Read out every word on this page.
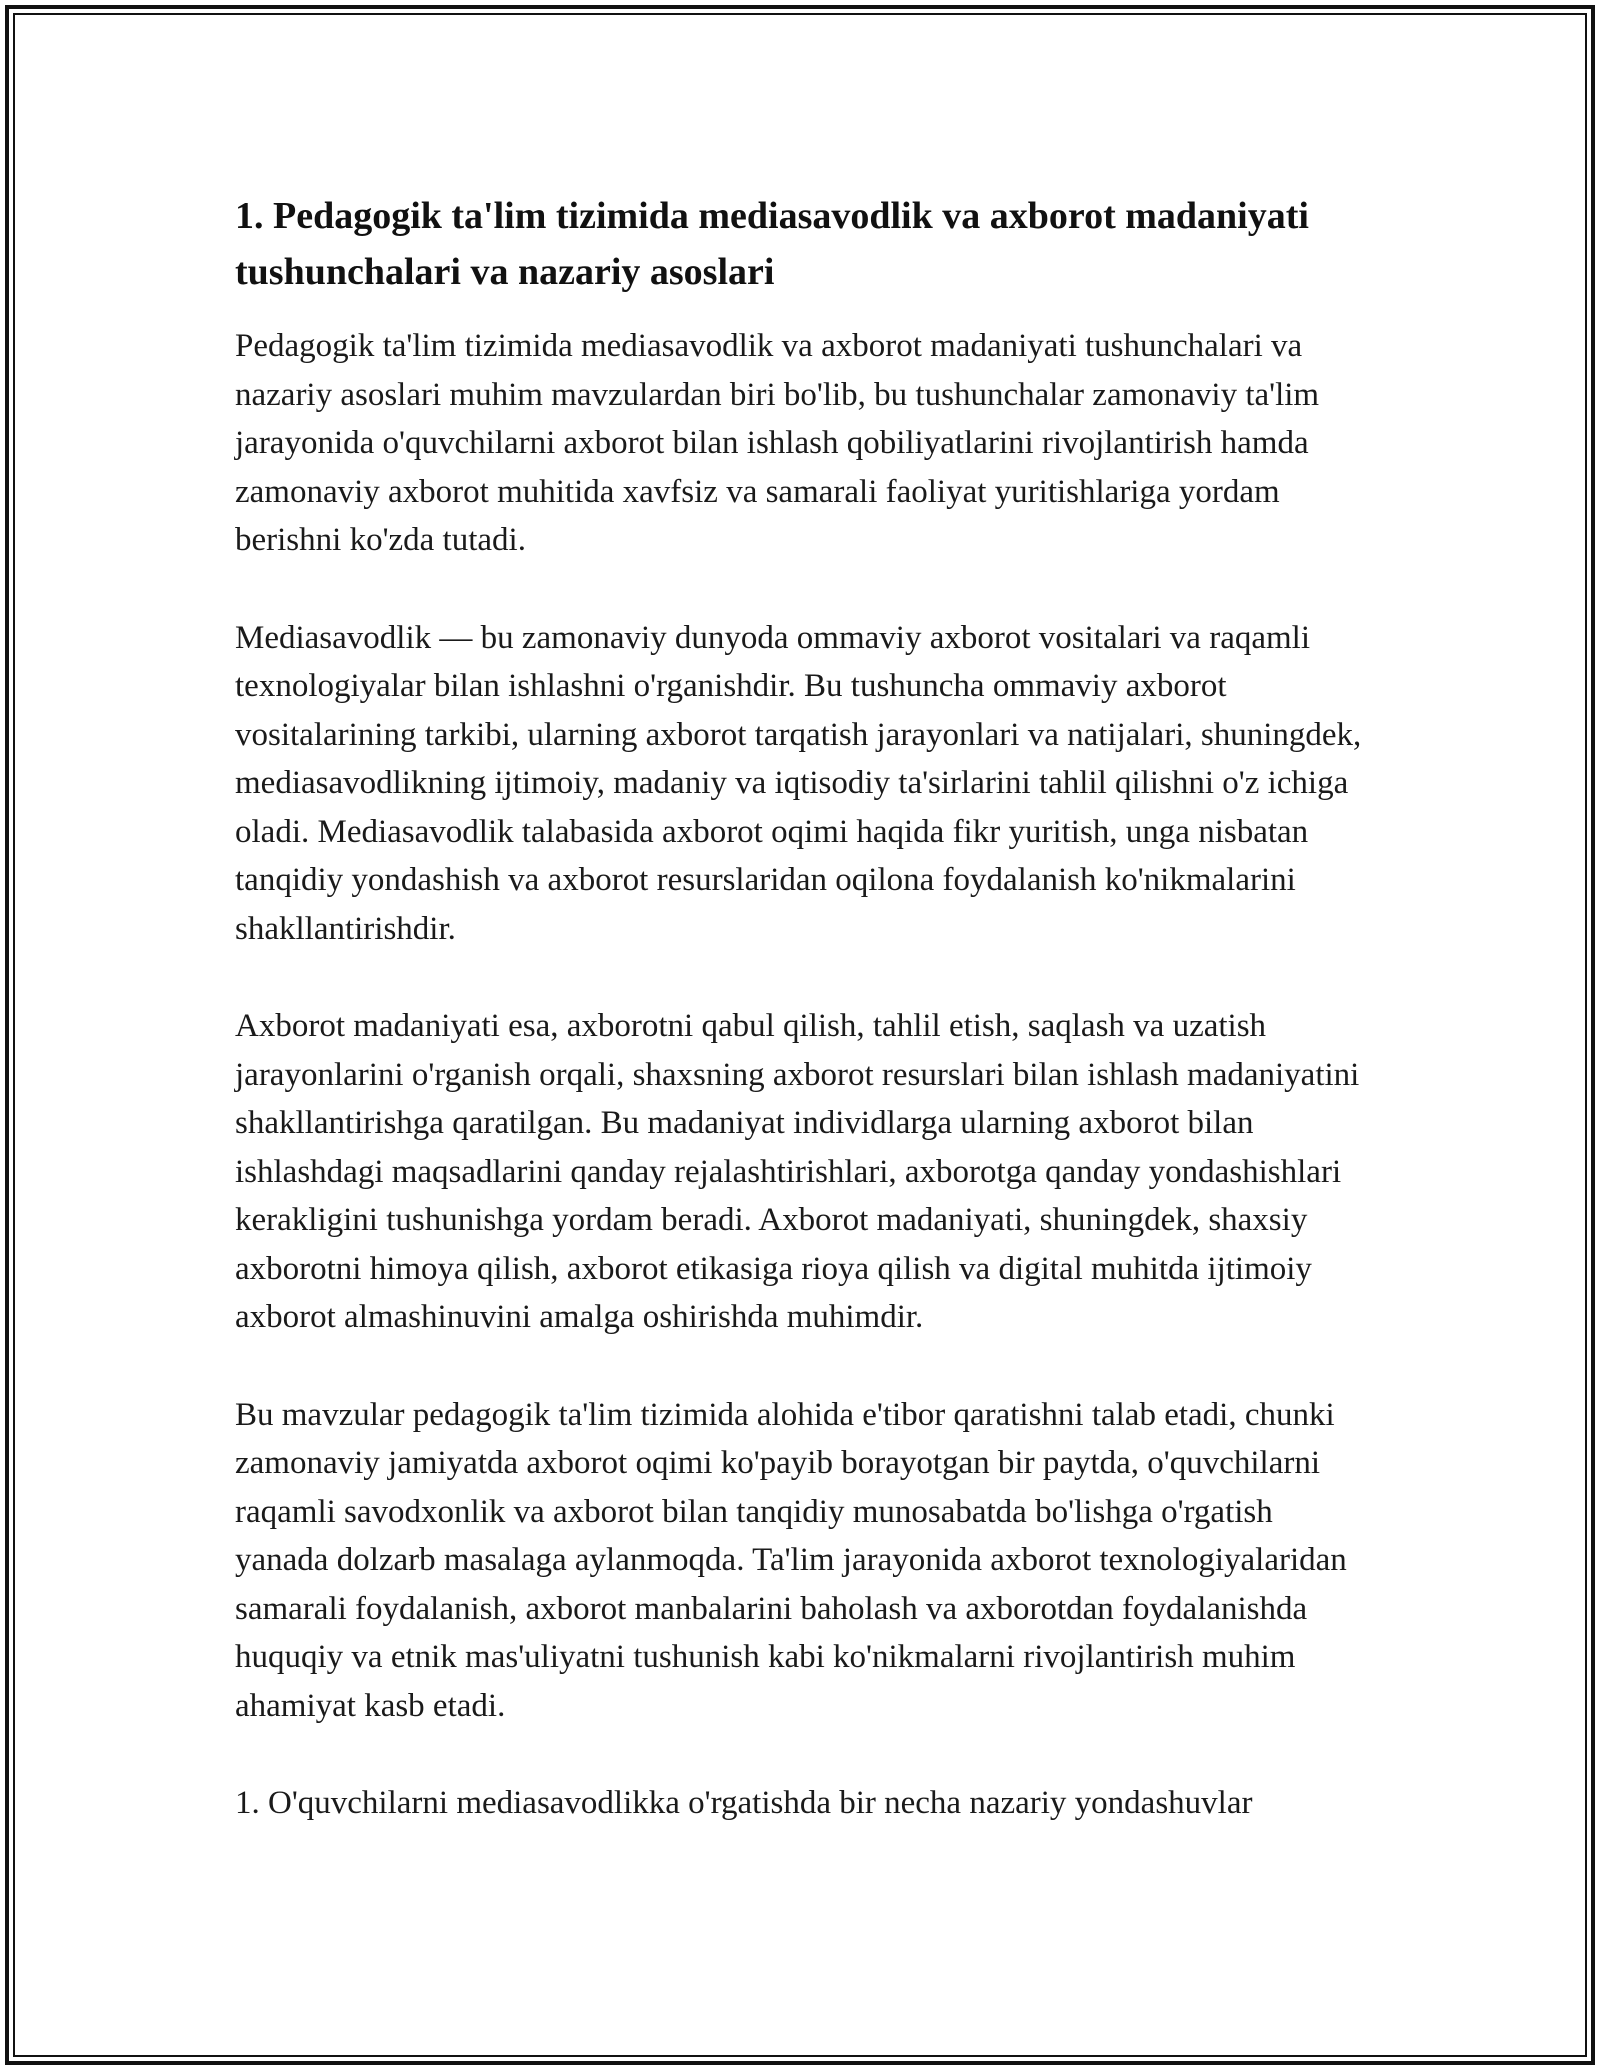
1. Pedagogik ta'lim tizimida mediasavodlik va axborot madaniyati tushunchalari va nazariy asoslari

Pedagogik ta'lim tizimida mediasavodlik va axborot madaniyati tushunchalari va nazariy asoslari muhim mavzulardan biri bo'lib, bu tushunchalar zamonaviy ta'lim jarayonida o'quvchilarni axborot bilan ishlash qobiliyatlarini rivojlantirish hamda zamonaviy axborot muhitida xavfsiz va samarali faoliyat yuritishlariga yordam berishni ko'zda tutadi.

Mediasavodlik — bu zamonaviy dunyoda ommaviy axborot vositalari va raqamli texnologiyalar bilan ishlashni o'rganishdir. Bu tushuncha ommaviy axborot vositalarining tarkibi, ularning axborot tarqatish jarayonlari va natijalari, shuningdek, mediasavodlikning ijtimoiy, madaniy va iqtisodiy ta'sirlarini tahlil qilishni o'z ichiga oladi. Mediasavodlik talabasida axborot oqimi haqida fikr yuritish, unga nisbatan tanqidiy yondashish va axborot resurslaridan oqilona foydalanish ko'nikmalarini shakllantirishdir.

Axborot madaniyati esa, axborotni qabul qilish, tahlil etish, saqlash va uzatish jarayonlarini o'rganish orqali, shaxsning axborot resurslari bilan ishlash madaniyatini shakllantirishga qaratilgan. Bu madaniyat individlarga ularning axborot bilan ishlashdagi maqsadlarini qanday rejalashtirishlari, axborotga qanday yondashishlari kerakligini tushunishga yordam beradi. Axborot madaniyati, shuningdek, shaxsiy axborotni himoya qilish, axborot etikasiga rioya qilish va digital muhitda ijtimoiy axborot almashinuvini amalga oshirishda muhimdir.

Bu mavzular pedagogik ta'lim tizimida alohida e'tibor qaratishni talab etadi, chunki zamonaviy jamiyatda axborot oqimi ko'payib borayotgan bir paytda, o'quvchilarni raqamli savodxonlik va axborot bilan tanqidiy munosabatda bo'lishga o'rgatish yanada dolzarb masalaga aylanmoqda. Ta'lim jarayonida axborot texnologiyalaridan samarali foydalanish, axborot manbalarini baholash va axborotdan foydalanishda huquqiy va etnik mas'uliyatni tushunish kabi ko'nikmalarni rivojlantirish muhim ahamiyat kasb etadi.

1. O'quvchilarni mediasavodlikka o'rgatishda bir necha nazariy yondashuvlar
